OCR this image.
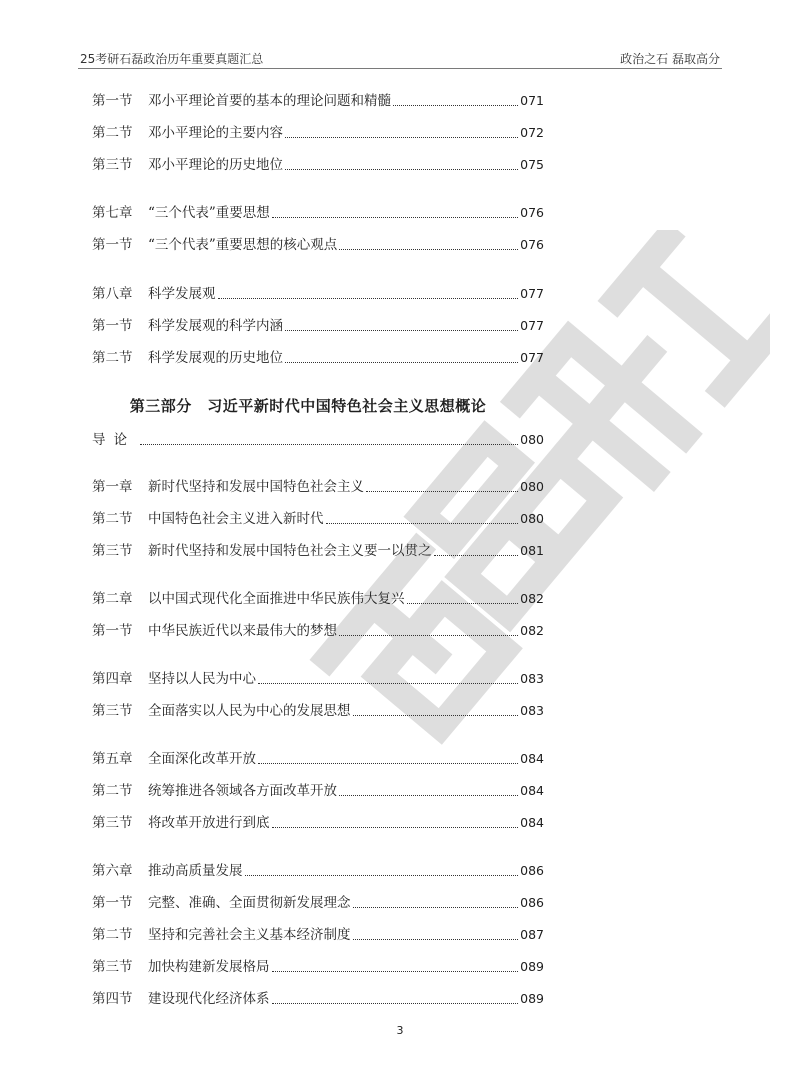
25考研石磊政治历年重要真题汇总	政治之石 磊取高分
第一节	邓小平理论首要的基本的理论问题和精髓	071
第二节	邓小平理论的主要内容	072
第三节	邓小平理论的历史地位	075
第七章	“三个代表”重要思想	076
第一节	“三个代表”重要思想的核心观点	076
第八章	科学发展观	077
第一节	科学发展观的科学内涵	077
第二节	科学发展观的历史地位	077
导论	080
第一章	新时代坚持和发展中国特色社会主义	080
第二节	中国特色社会主义进入新时代	080
第三节	新时代坚持和发展中国特色社会主义要一以贯之	081
第二章	以中国式现代化全面推进中华民族伟大复兴	082
第一节	中华民族近代以来最伟大的梦想	082
第四章	坚持以人民为中心	083
第三节	全面落实以人民为中心的发展思想	083
第五章	全面深化改革开放	084
第二节	统筹推进各领域各方面改革开放	084
第三节	将改革开放进行到底	084
第六章	推动高质量发展	086
第一节	完整、准确、全面贯彻新发展理念	086
第二节	坚持和完善社会主义基本经济制度	087
第三节	加快构建新发展格局	089
第四节	建设现代化经济体系	089
第三部分　习近平新时代中国特色社会主义思想概论
3
